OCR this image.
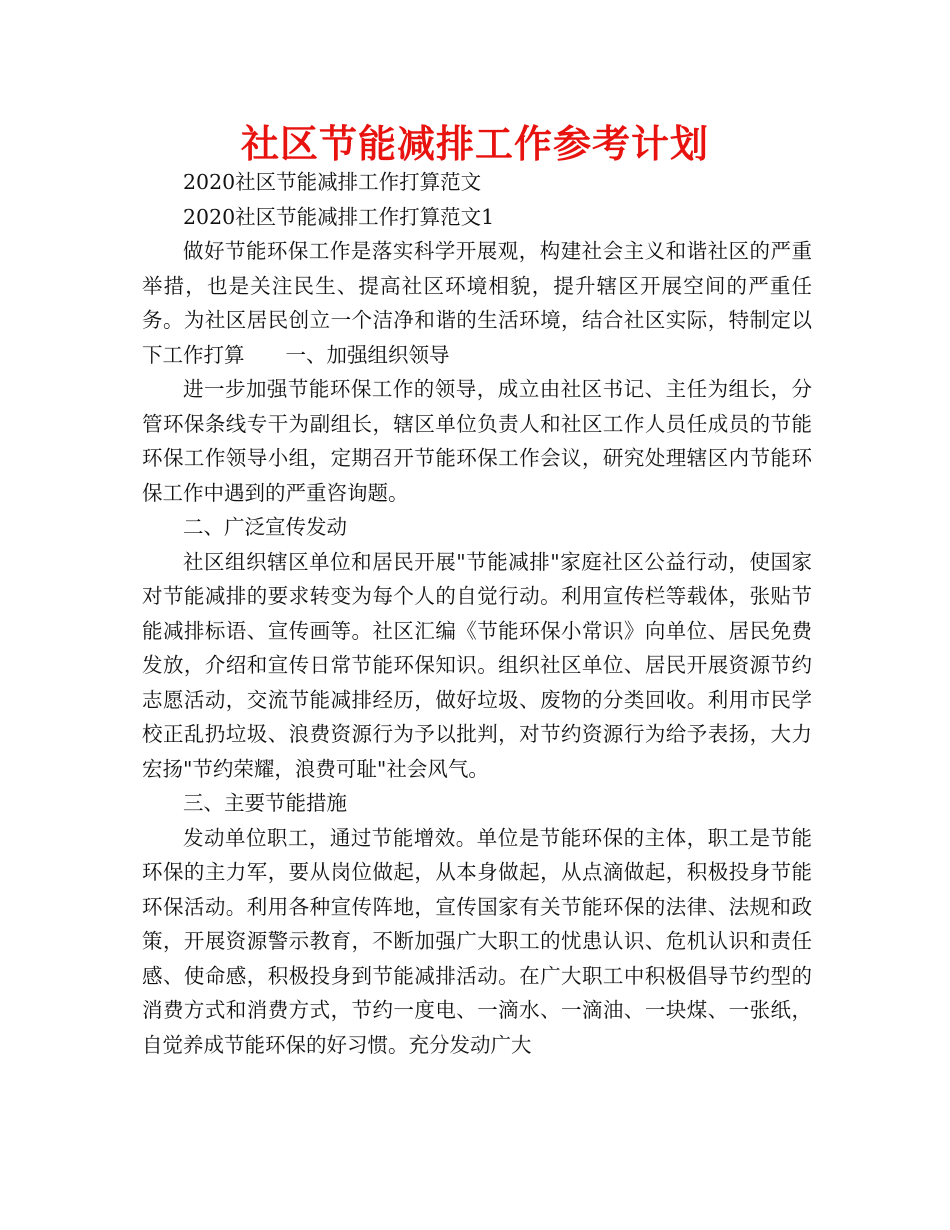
社区节能减排工作参考计划

2020社区节能减排工作打算范文

2020社区节能减排工作打算范文1

做好节能环保工作是落实科学开展观，构建社会主义和谐社区的严重举措，也是关注民生、提高社区环境相貌，提升辖区开展空间的严重任务。为社区居民创立一个洁净和谐的生活环境，结合社区实际，特制定以下工作打算　　一、加强组织领导

进一步加强节能环保工作的领导，成立由社区书记、主任为组长，分管环保条线专干为副组长，辖区单位负责人和社区工作人员任成员的节能环保工作领导小组，定期召开节能环保工作会议，研究处理辖区内节能环保工作中遇到的严重咨询题。

二、广泛宣传发动

社区组织辖区单位和居民开展"节能减排"家庭社区公益行动，使国家对节能减排的要求转变为每个人的自觉行动。利用宣传栏等载体，张贴节能减排标语、宣传画等。社区汇编《节能环保小常识》向单位、居民免费发放，介绍和宣传日常节能环保知识。组织社区单位、居民开展资源节约志愿活动，交流节能减排经历，做好垃圾、废物的分类回收。利用市民学校正乱扔垃圾、浪费资源行为予以批判，对节约资源行为给予表扬，大力宏扬"节约荣耀，浪费可耻"社会风气。

三、主要节能措施

发动单位职工，通过节能增效。单位是节能环保的主体，职工是节能环保的主力军，要从岗位做起，从本身做起，从点滴做起，积极投身节能环保活动。利用各种宣传阵地，宣传国家有关节能环保的法律、法规和政策，开展资源警示教育，不断加强广大职工的忧患认识、危机认识和责任感、使命感，积极投身到节能减排活动。在广大职工中积极倡导节约型的消费方式和消费方式，节约一度电、一滴水、一滴油、一块煤、一张纸，自觉养成节能环保的好习惯。充分发动广大
